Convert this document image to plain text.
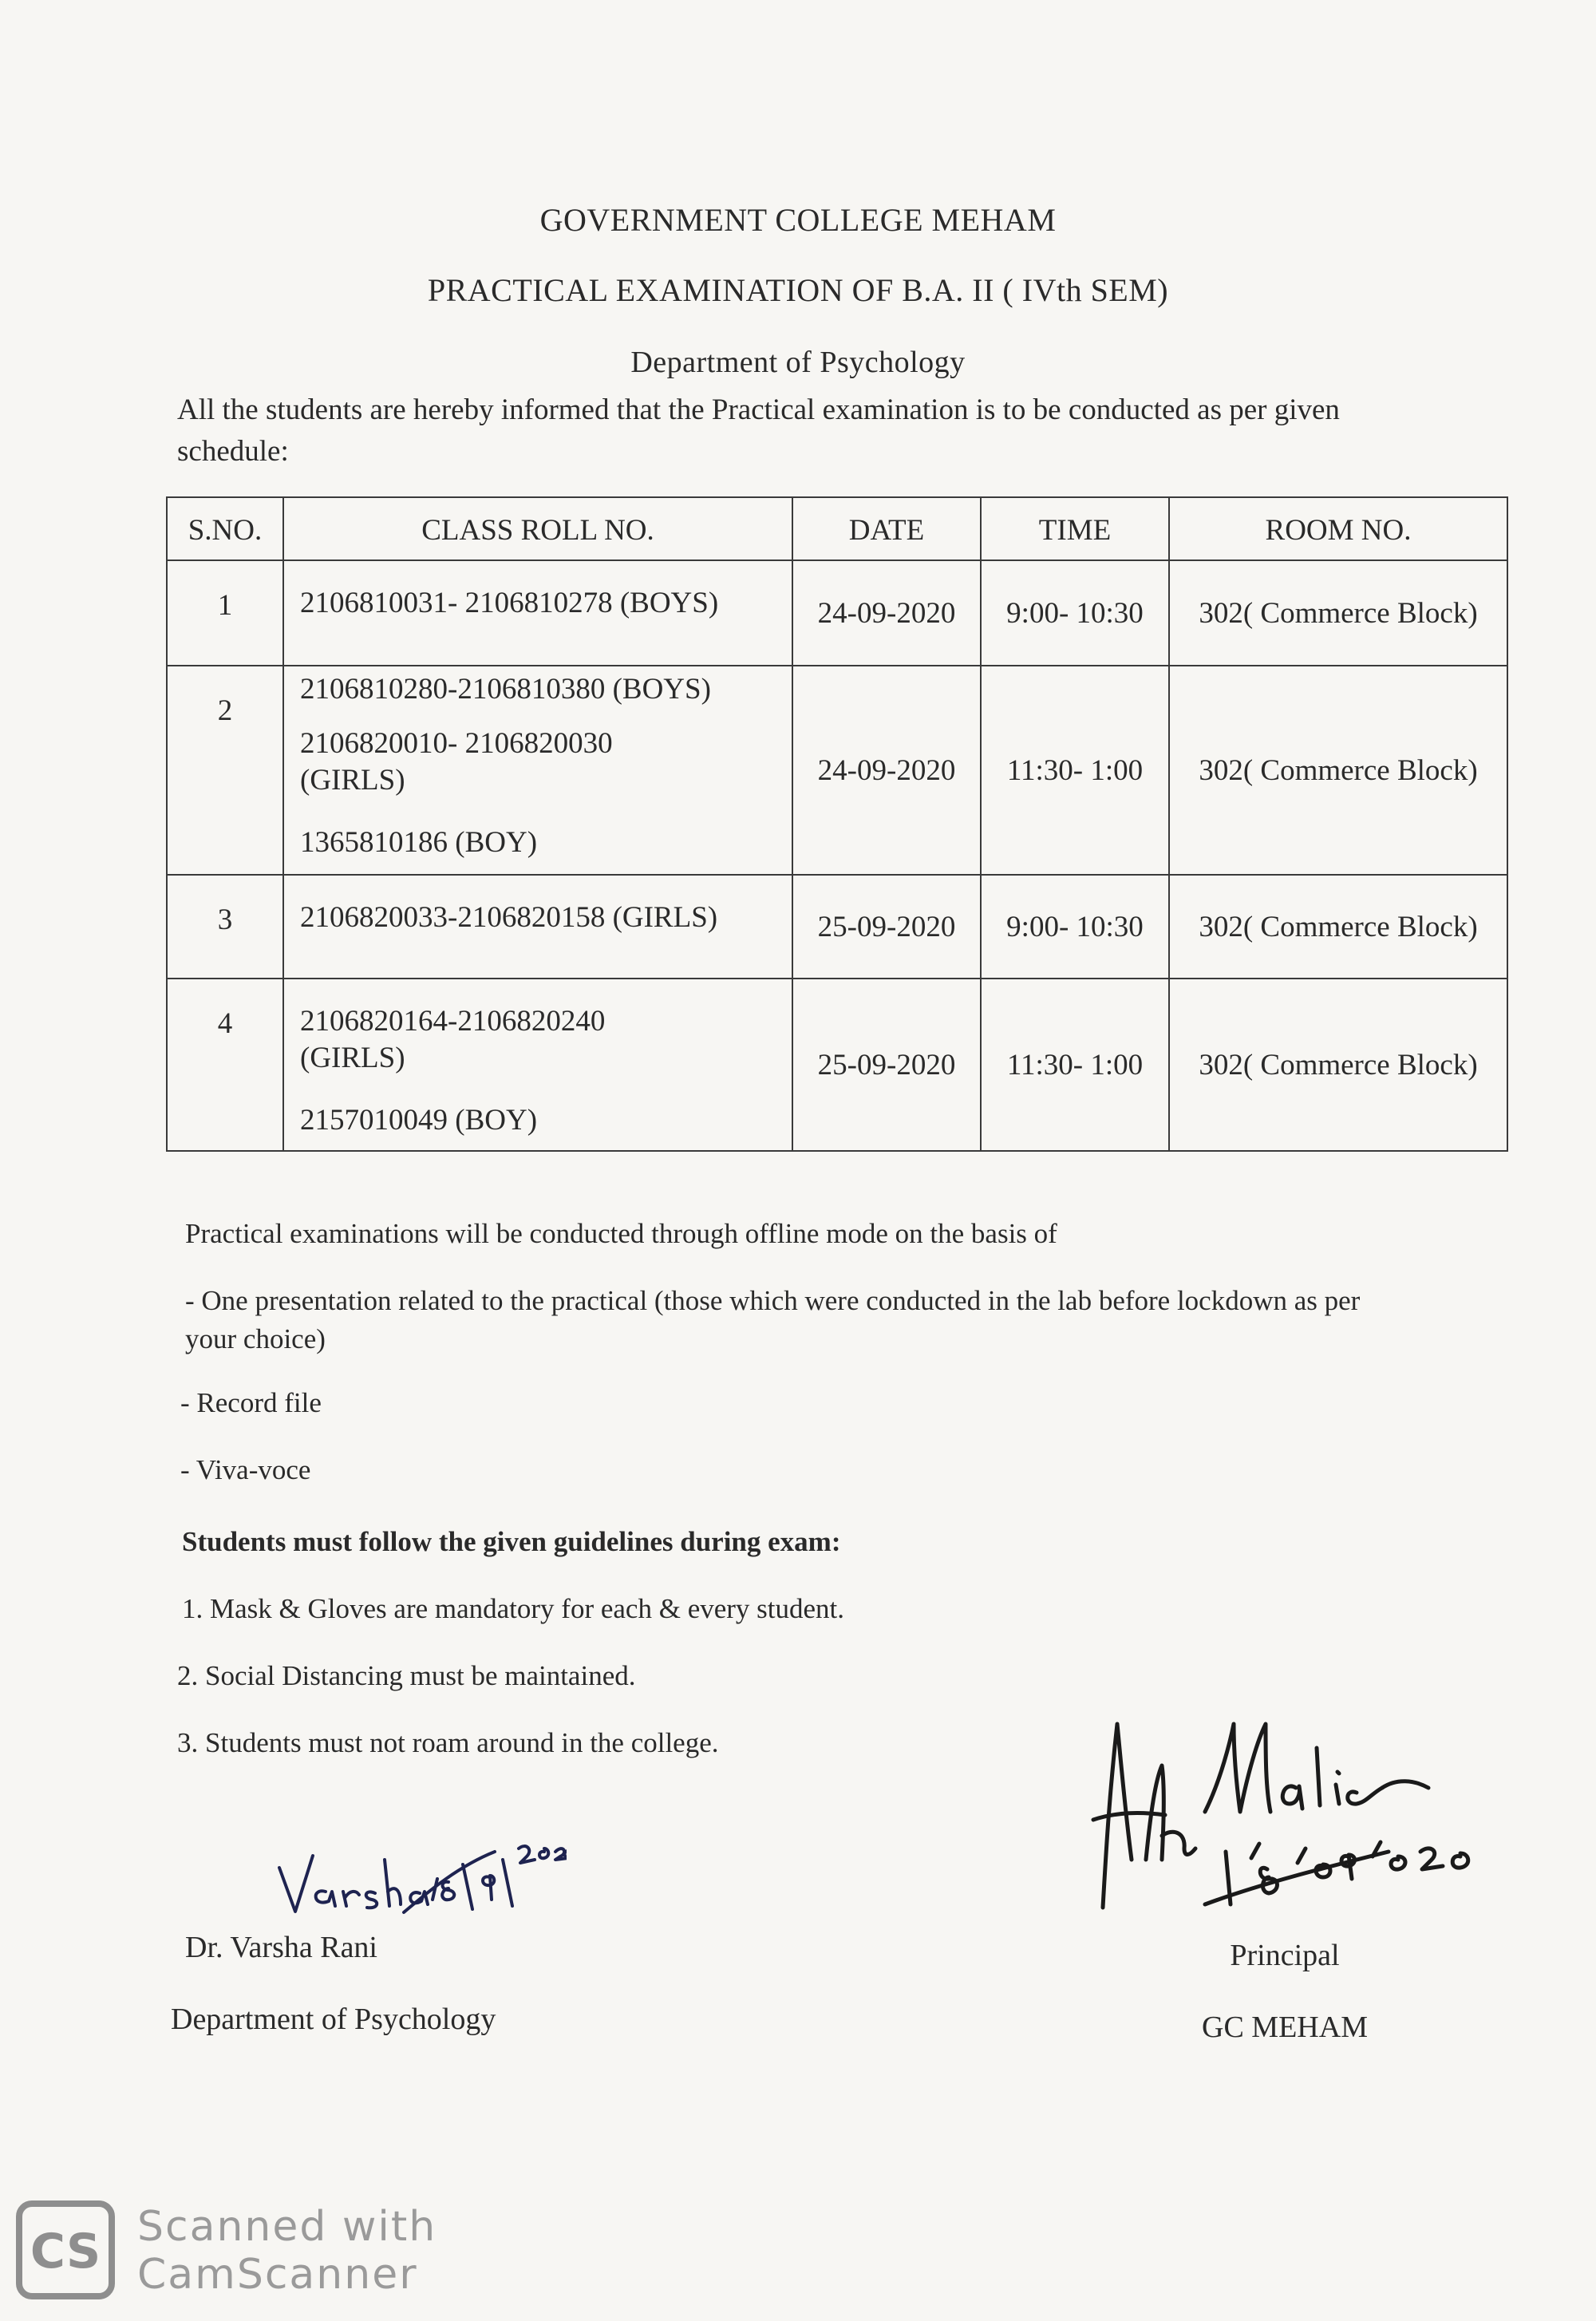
GOVERNMENT COLLEGE MEHAM
PRACTICAL EXAMINATION OF B.A. II ( IVth SEM)
Department of Psychology
All the students are hereby informed that the Practical examination is to be conducted as per given schedule:
S.NO.	CLASS ROLL NO.	DATE	TIME	ROOM NO.
1	2106810031- 2106810278 (BOYS)	24-09-2020	9:00- 10:30	302( Commerce Block)
2	2106810280-2106810380 (BOYS)
2106820010- 2106820030
(GIRLS)
1365810186 (BOY)	24-09-2020	11:30- 1:00	302( Commerce Block)
3	2106820033-2106820158 (GIRLS)	25-09-2020	9:00- 10:30	302( Commerce Block)
4	2106820164-2106820240
(GIRLS)
2157010049 (BOY)	25-09-2020	11:30- 1:00	302( Commerce Block)
Practical examinations will be conducted through offline mode on the basis of
- One presentation related to the practical (those which were conducted in the lab before lockdown as per your choice)
- Record file
- Viva-voce
Students must follow the given guidelines during exam:
1. Mask & Gloves are mandatory for each & every student.
2. Social Distancing must be maintained.
3. Students must not roam around in the college.
Dr. Varsha Rani
Department of Psychology
Principal
GC MEHAM
CS Scanned with
CamScanner
